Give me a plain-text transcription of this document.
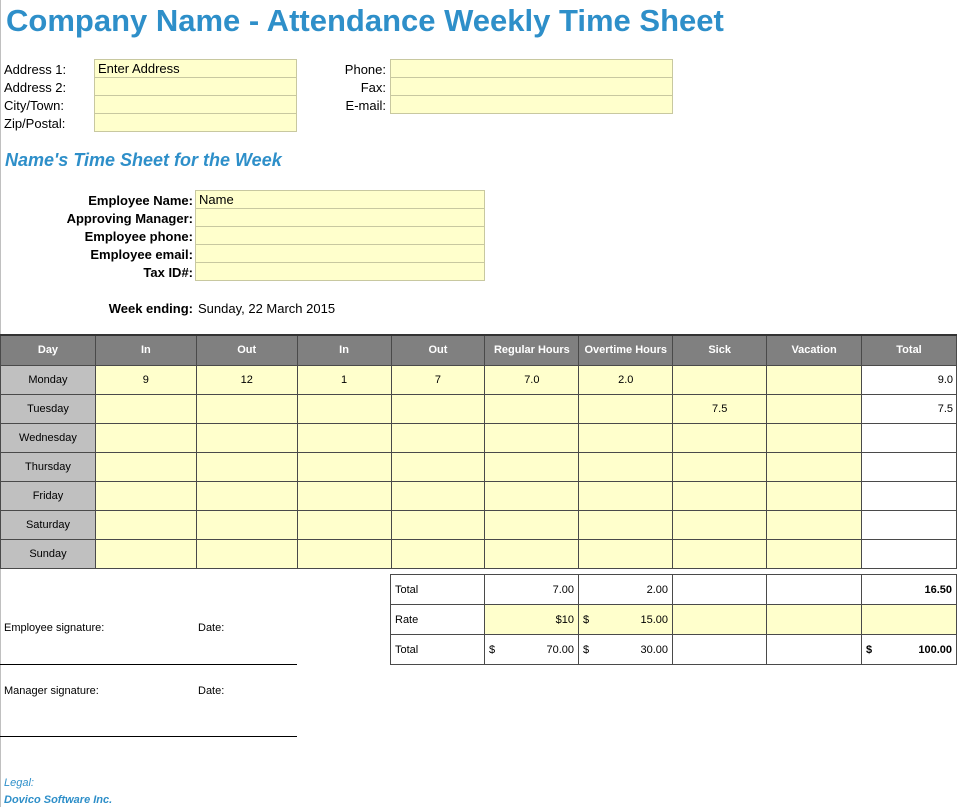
Company Name - Attendance Weekly Time Sheet
Address 1:	Enter Address
Address 2:
City/Town:
Zip/Postal:
Phone:
Fax:
E-mail:
Name's Time Sheet for the Week
Employee Name: Name
Approving Manager:
Employee phone:
Employee email:
Tax ID#:
Week ending: Sunday, 22 March 2015
Day	In	Out	In	Out	Regular Hours	Overtime Hours	Sick	Vacation	Total
Monday	9	12	1	7	7.0	2.0			9.0
Tuesday							7.5		7.5
Wednesday									
Thursday									
Friday									
Saturday									
Sunday									
Total	7.00	2.00			16.50
Rate	$10	$ 15.00			

Total	$ 70.00	$ 30.00			$ 100.00
Employee signature:	Date:
Manager signature:	Date:
Legal:
Dovico Software Inc.
